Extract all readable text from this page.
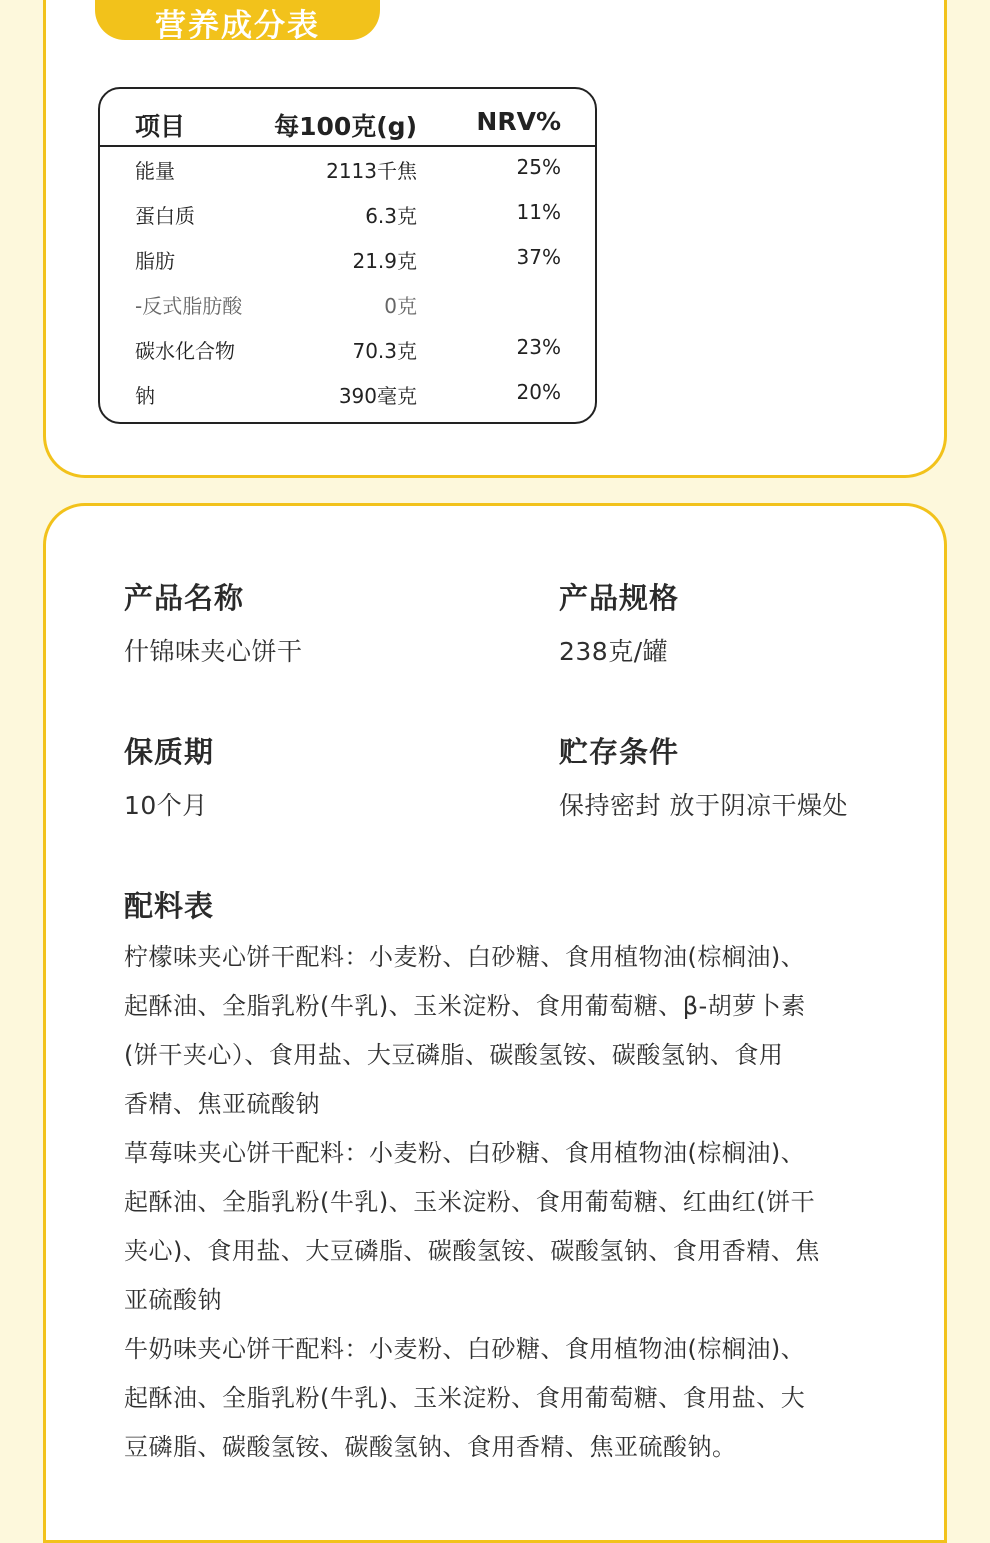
营养成分表
项目	每100克(g) NRV%
能量	2113千焦	25%
蛋白质	6.3克	11%
脂肪	21.9克	37%
-反式脂肪酸	0克
碳水化合物	70.3克	23%
钠	390毫克	20%
产品名称
什锦味夹心饼干
产品规格
238克/罐
保质期
10个月
贮存条件
保持密封 放于阴凉干燥处
配料表
柠檬味夹心饼干配料：小麦粉、白砂糖、食用植物油(棕榈油)、
起酥油、全脂乳粉(牛乳)、玉米淀粉、食用葡萄糖、β-胡萝卜素
(饼干夹心）、食用盐、大豆磷脂、碳酸氢铵、碳酸氢钠、食用
香精、焦亚硫酸钠
草莓味夹心饼干配料：小麦粉、白砂糖、食用植物油(棕榈油)、
起酥油、全脂乳粉(牛乳)、玉米淀粉、食用葡萄糖、红曲红(饼干
夹心)、食用盐、大豆磷脂、碳酸氢铵、碳酸氢钠、食用香精、焦
亚硫酸钠
牛奶味夹心饼干配料：小麦粉、白砂糖、食用植物油(棕榈油)、
起酥油、全脂乳粉(牛乳)、玉米淀粉、食用葡萄糖、食用盐、大
豆磷脂、碳酸氢铵、碳酸氢钠、食用香精、焦亚硫酸钠。
